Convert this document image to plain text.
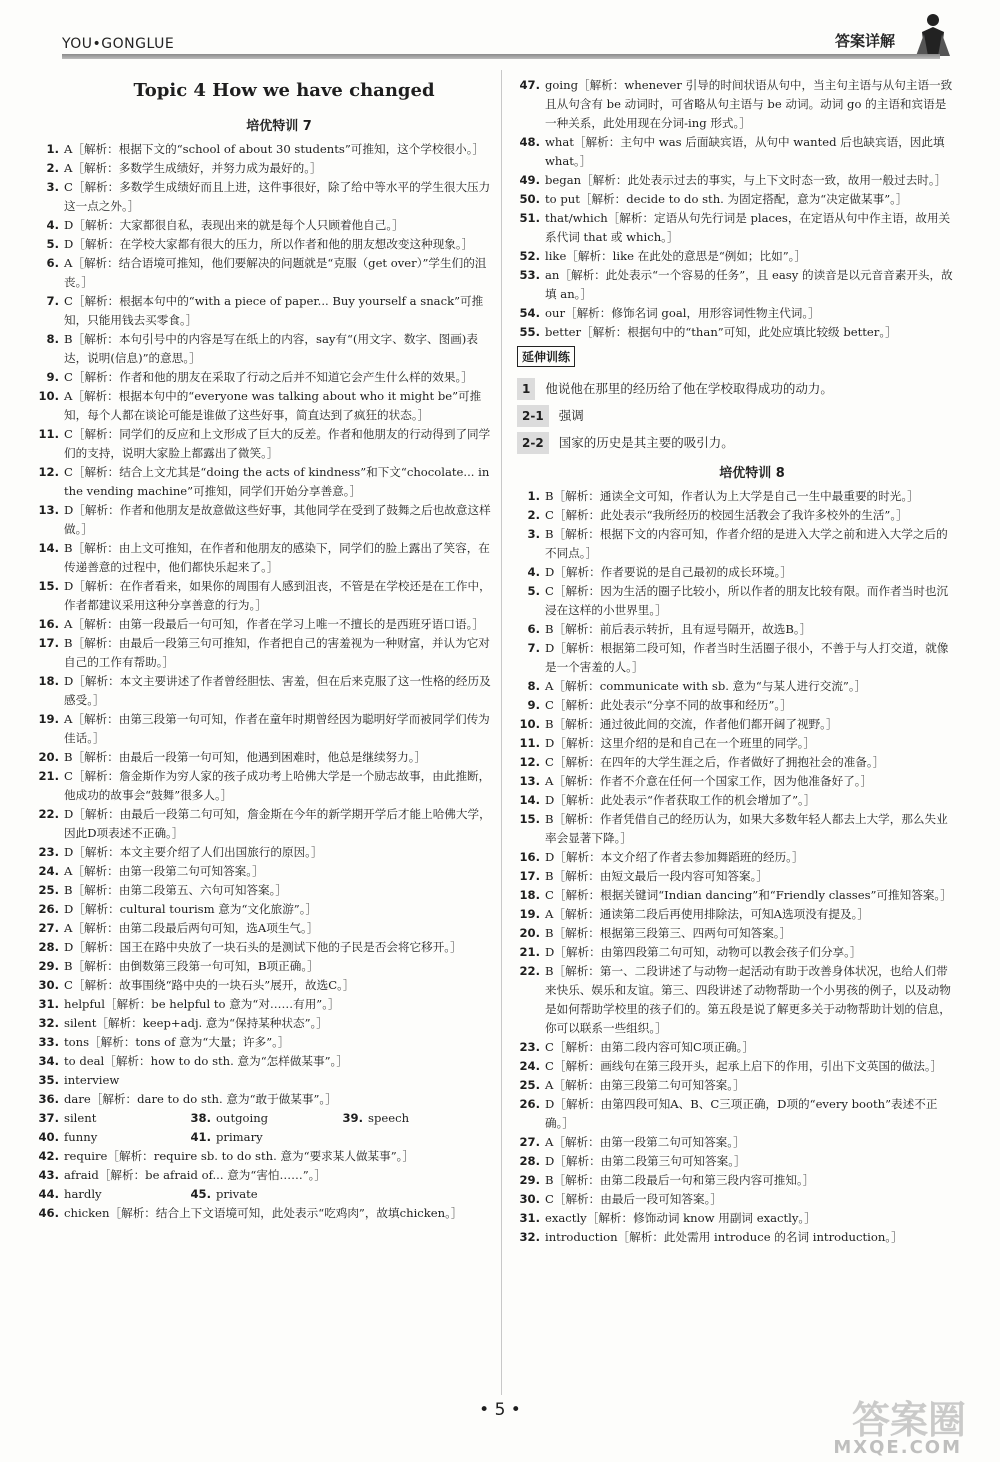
YOU•GONGLUE	答案详解
Topic 4 How we have changed
培优特训 7
1. A［解析：根据下文的“school of about 30 students”可推知，这个学校很小。］
2. A［解析：多数学生成绩好，并努力成为最好的。］
3. C［解析：多数学生成绩好而且上进，这件事很好，除了给中等水平的学生很大压力这一点之外。］
4. D［解析：大家都很自私，表现出来的就是每个人只顾着他自己。］
5. D［解析：在学校大家都有很大的压力，所以作者和他的朋友想改变这种现象。］
6. A［解析：结合语境可推知，他们要解决的问题就是“克服（get over）”学生们的沮丧。］
7. C［解析：根据本句中的“with a piece of paper... Buy yourself a snack”可推知，只能用钱去买零食。］
8. B［解析：本句引号中的内容是写在纸上的内容，say有“(用文字、数字、图画)表达，说明(信息)”的意思。］
9. C［解析：作者和他的朋友在采取了行动之后并不知道它会产生什么样的效果。］
10. A［解析：根据本句中的“everyone was talking about who it might be”可推知，每个人都在谈论可能是谁做了这些好事，简直达到了疯狂的状态。］
11. C［解析：同学们的反应和上文形成了巨大的反差。作者和他朋友的行动得到了同学们的支持，说明大家脸上都露出了微笑。］
12. C［解析：结合上文尤其是“doing the acts of kindness”和下文“chocolate... in the vending machine”可推知，同学们开始分享善意。］
13. D［解析：作者和他朋友是故意做这些好事，其他同学在受到了鼓舞之后也故意这样做。］
14. B［解析：由上文可推知，在作者和他朋友的感染下，同学们的脸上露出了笑容，在传递善意的过程中，他们都快乐起来了。］
15. D［解析：在作者看来，如果你的周围有人感到沮丧，不管是在学校还是在工作中，作者都建议采用这种分享善意的行为。］
16. A［解析：由第一段最后一句可知，作者在学习上唯一不擅长的是西班牙语口语。］
17. B［解析：由最后一段第三句可推知，作者把自己的害羞视为一种财富，并认为它对自己的工作有帮助。］
18. D［解析：本文主要讲述了作者曾经胆怯、害羞，但在后来克服了这一性格的经历及感受。］
19. A［解析：由第三段第一句可知，作者在童年时期曾经因为聪明好学而被同学们传为佳话。］
20. B［解析：由最后一段第一句可知，他遇到困难时，他总是继续努力。］
21. C［解析：詹金斯作为穷人家的孩子成功考上哈佛大学是一个励志故事，由此推断，他成功的故事会“鼓舞”很多人。］
22. D［解析：由最后一段第二句可知，詹金斯在今年的新学期开学后才能上哈佛大学，因此D项表述不正确。］
23. D［解析：本文主要介绍了人们出国旅行的原因。］
24. A［解析：由第一段第二句可知答案。］
25. B［解析：由第二段第五、六句可知答案。］
26. D［解析：cultural tourism 意为“文化旅游”。］
27. A［解析：由第二段最后两句可知，选A项生气。］
28. D［解析：国王在路中央放了一块石头的是测试下他的子民是否会将它移开。］
29. B［解析：由倒数第三段第一句可知，B项正确。］
30. C［解析：故事围绕“路中央的一块石头”展开，故选C。］
31. helpful［解析：be helpful to 意为“对……有用”。］
32. silent［解析：keep+adj. 意为“保持某种状态”。］
33. tons［解析：tons of 意为“大量；许多”。］
34. to deal［解析：how to do sth. 意为“怎样做某事”。］
35. interview
36. dare［解析：dare to do sth. 意为“敢于做某事”。］
37. silent	38. outgoing	39. speech
40. funny	41. primary
42. require［解析：require sb. to do sth. 意为“要求某人做某事”。］
43. afraid［解析：be afraid of... 意为“害怕……”。］
44. hardly	45. private
46. chicken［解析：结合上下文语境可知，此处表示“吃鸡肉”，故填chicken。］
47. going［解析：whenever 引导的时间状语从句中，当主句主语与从句主语一致且从句含有 be 动词时，可省略从句主语与 be 动词。动词 go 的主语和宾语是一种关系，此处用现在分词-ing 形式。］
48. what［解析：主句中 was 后面缺宾语，从句中 wanted 后也缺宾语，因此填 what。］
49. began［解析：此处表示过去的事实，与上下文时态一致，故用一般过去时。］
50. to put［解析：decide to do sth. 为固定搭配，意为“决定做某事”。］
51. that/which［解析：定语从句先行词是 places，在定语从句中作主语，故用关系代词 that 或 which。］
52. like［解析：like 在此处的意思是“例如；比如”。］
53. an［解析：此处表示“一个容易的任务”，且 easy 的读音是以元音音素开头，故填 an。］
54. our［解析：修饰名词 goal，用形容词性物主代词。］
55. better［解析：根据句中的“than”可知，此处应填比较级 better。］
延伸训练
1	他说他在那里的经历给了他在学校取得成功的动力。
2-1	强调
2-2	国家的历史是其主要的吸引力。
培优特训 8
1. B［解析：通读全文可知，作者认为上大学是自己一生中最重要的时光。］
2. C［解析：此处表示“我所经历的校园生活教会了我许多校外的生活”。］
3. B［解析：根据下文的内容可知，作者介绍的是进入大学之前和进入大学之后的不同点。］
4. D［解析：作者要说的是自己最初的成长环境。］
5. C［解析：因为生活的圈子比较小，所以作者的朋友比较有限。而作者当时也沉浸在这样的小世界里。］
6. B［解析：前后表示转折，且有逗号隔开，故选B。］
7. D［解析：根据第二段可知，作者当时生活圈子很小，不善于与人打交道，就像是一个害羞的人。］
8. A［解析：communicate with sb. 意为“与某人进行交流”。］
9. C［解析：此处表示“分享不同的故事和经历”。］
10. B［解析：通过彼此间的交流，作者他们都开阔了视野。］
11. D［解析：这里介绍的是和自己在一个班里的同学。］
12. C［解析：在四年的大学生涯之后，作者做好了拥抱社会的准备。］
13. A［解析：作者不介意在任何一个国家工作，因为他准备好了。］
14. D［解析：此处表示“作者获取工作的机会增加了”。］
15. B［解析：作者凭借自己的经历认为，如果大多数年轻人都去上大学，那么失业率会显著下降。］
16. D［解析：本文介绍了作者去参加舞蹈班的经历。］
17. B［解析：由短文最后一段内容可知答案。］
18. C［解析：根据关键词“Indian dancing”和“Friendly classes”可推知答案。］
19. A［解析：通读第二段后再使用排除法，可知A选项没有提及。］
20. B［解析：根据第三段第三、四两句可知答案。］
21. D［解析：由第四段第二句可知，动物可以教会孩子们分享。］
22. B［解析：第一、二段讲述了与动物一起活动有助于改善身体状况，也给人们带来快乐、娱乐和友谊。第三、四段讲述了动物帮助一个小男孩的例子，以及动物是如何帮助学校里的孩子们的。第五段是说了解更多关于动物帮助计划的信息，你可以联系一些组织。］
23. C［解析：由第二段内容可知C项正确。］
24. C［解析：画线句在第三段开头，起承上启下的作用，引出下文英国的做法。］
25. A［解析：由第三段第二句可知答案。］
26. D［解析：由第四段可知A、B、C三项正确，D项的“every booth”表述不正确。］
27. A［解析：由第一段第二句可知答案。］
28. D［解析：由第二段第三句可知答案。］
29. B［解析：由第二段最后一句和第三段内容可推知。］
30. C［解析：由最后一段可知答案。］
31. exactly［解析：修饰动词 know 用副词 exactly。］
32. introduction［解析：此处需用 introduce 的名词 introduction。］
• 5 •	答案圈
MXQE.COM
